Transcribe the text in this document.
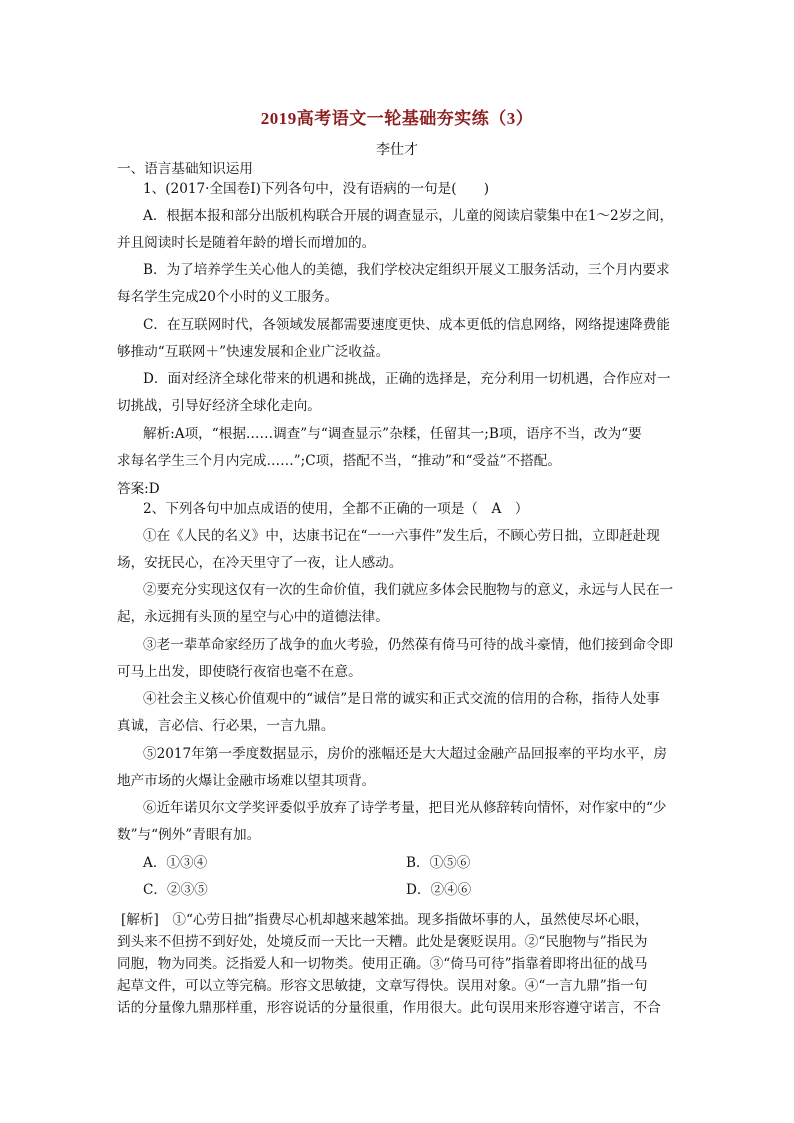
2019高考语文一轮基础夯实练（3）
李仕才
一、语言基础知识运用
1、(2017·全国卷Ⅰ)下列各句中，没有语病的一句是(　　)
A．根据本报和部分出版机构联合开展的调查显示，儿童的阅读启蒙集中在1～2岁之间，
并且阅读时长是随着年龄的增长而增加的。
B．为了培养学生关心他人的美德，我们学校决定组织开展义工服务活动，三个月内要求
每名学生完成20个小时的义工服务。
C．在互联网时代，各领域发展都需要速度更快、成本更低的信息网络，网络提速降费能
够推动“互联网＋”快速发展和企业广泛收益。
D．面对经济全球化带来的机遇和挑战，正确的选择是，充分利用一切机遇，合作应对一
切挑战，引导好经济全球化走向。
解析:A项，“根据……调查”与“调查显示”杂糅，任留其一;B项，语序不当，改为“要
求每名学生三个月内完成……”;C项，搭配不当，“推动”和“受益”不搭配。
答案:D
2、下列各句中加点成语的使用，全都不正确的一项是（　A　）
①在《人民的名义》中，达康书记在“一一六事件”发生后，不顾心劳日拙，立即赶赴现
场，安抚民心，在冷天里守了一夜，让人感动。
②要充分实现这仅有一次的生命价值，我们就应多体会民胞物与的意义，永远与人民在一
起，永远拥有头顶的星空与心中的道德法律。
③老一辈革命家经历了战争的血火考验，仍然葆有倚马可待的战斗豪情，他们接到命令即
可马上出发，即使晓行夜宿也毫不在意。
④社会主义核心价值观中的“诚信”是日常的诚实和正式交流的信用的合称，指待人处事
真诚，言必信、行必果，一言九鼎。
⑤2017年第一季度数据显示，房价的涨幅还是大大超过金融产品回报率的平均水平，房
地产市场的火爆让金融市场难以望其项背。
⑥近年诺贝尔文学奖评委似乎放弃了诗学考量，把目光从修辞转向情怀，对作家中的“少
数”与“例外”青眼有加。
A．①③④	B．①⑤⑥
C．②③⑤	D．②④⑥
[解析]　①“心劳日拙”指费尽心机却越来越笨拙。现多指做坏事的人，虽然使尽坏心眼，
到头来不但捞不到好处，处境反而一天比一天糟。此处是褒贬误用。②“民胞物与”指民为
同胞，物为同类。泛指爱人和一切物类。使用正确。③“倚马可待”指靠着即将出征的战马
起草文件，可以立等完稿。形容文思敏捷，文章写得快。误用对象。④“一言九鼎”指一句
话的分量像九鼎那样重，形容说话的分量很重，作用很大。此句误用来形容遵守诺言，不合
